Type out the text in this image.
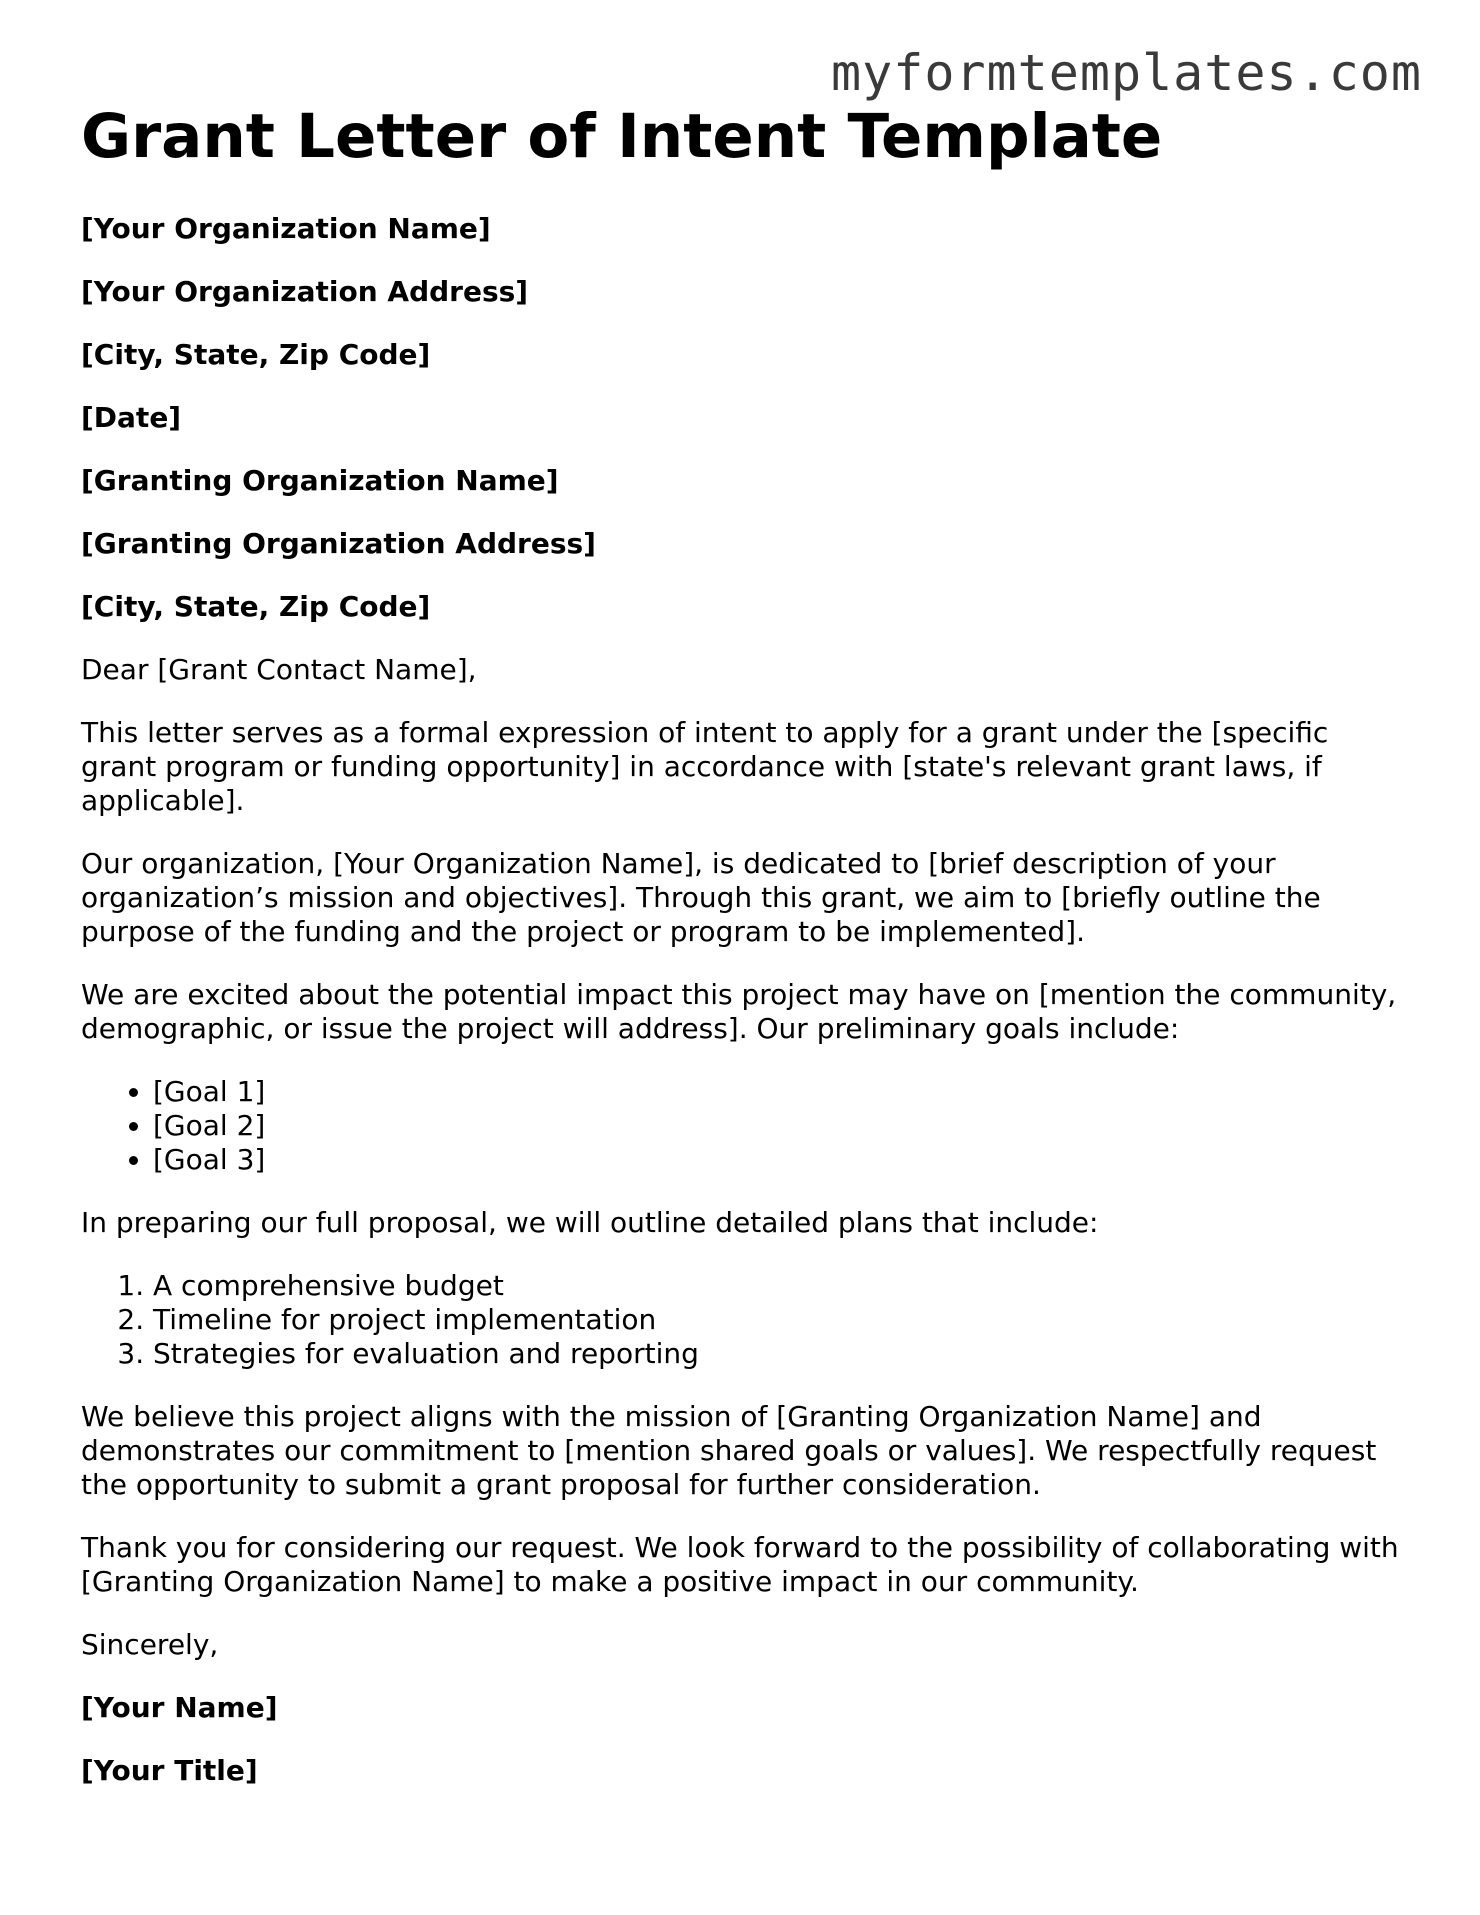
myformtemplates.com
Grant Letter of Intent Template

[Your Organization Name]

[Your Organization Address]

[City, State, Zip Code]

[Date]

[Granting Organization Name]

[Granting Organization Address]

[City, State, Zip Code]

Dear [Grant Contact Name],

This letter serves as a formal expression of intent to apply for a grant under the [specific grant program or funding opportunity] in accordance with [state's relevant grant laws, if applicable].

Our organization, [Your Organization Name], is dedicated to [brief description of your organization’s mission and objectives]. Through this grant, we aim to [briefly outline the purpose of the funding and the project or program to be implemented].

We are excited about the potential impact this project may have on [mention the community, demographic, or issue the project will address]. Our preliminary goals include:

• [Goal 1]
• [Goal 2]
• [Goal 3]

In preparing our full proposal, we will outline detailed plans that include:

1. A comprehensive budget
2. Timeline for project implementation
3. Strategies for evaluation and reporting

We believe this project aligns with the mission of [Granting Organization Name] and demonstrates our commitment to [mention shared goals or values]. We respectfully request the opportunity to submit a grant proposal for further consideration.

Thank you for considering our request. We look forward to the possibility of collaborating with [Granting Organization Name] to make a positive impact in our community.

Sincerely,

[Your Name]

[Your Title]
